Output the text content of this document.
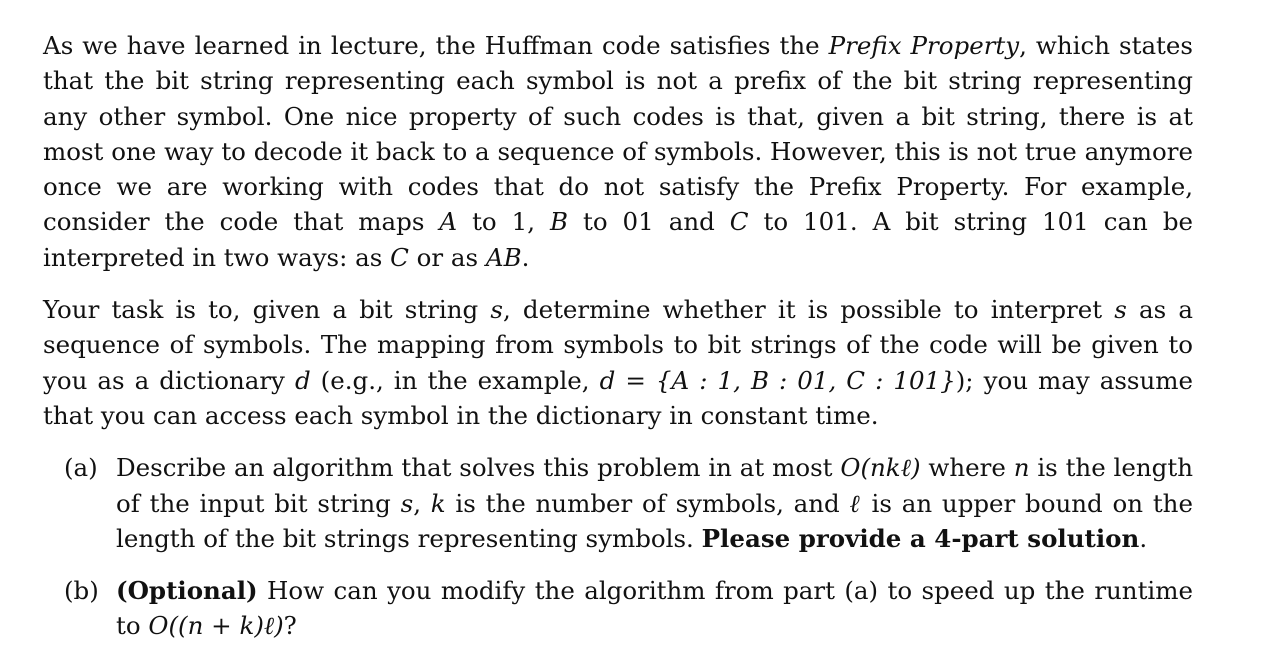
As we have learned in lecture, the Huffman code satisfies the Prefix Property, which states that the bit string representing each symbol is not a prefix of the bit string representing any other symbol. One nice property of such codes is that, given a bit string, there is at most one way to decode it back to a sequence of symbols. However, this is not true anymore once we are working with codes that do not satisfy the Prefix Property. For example, consider the code that maps A to 1, B to 01 and C to 101. A bit string 101 can be interpreted in two ways: as C or as AB.

Your task is to, given a bit string s, determine whether it is possible to interpret s as a sequence of symbols. The mapping from symbols to bit strings of the code will be given to you as a dictionary d (e.g., in the example, d = {A : 1, B : 01, C : 101}); you may assume that you can access each symbol in the dictionary in constant time.

(a) Describe an algorithm that solves this problem in at most O(nkℓ) where n is the length of the input bit string s, k is the number of symbols, and ℓ is an upper bound on the length of the bit strings representing symbols. Please provide a 4-part solution.
(b) (Optional) How can you modify the algorithm from part (a) to speed up the runtime to O((n + k)ℓ)?
